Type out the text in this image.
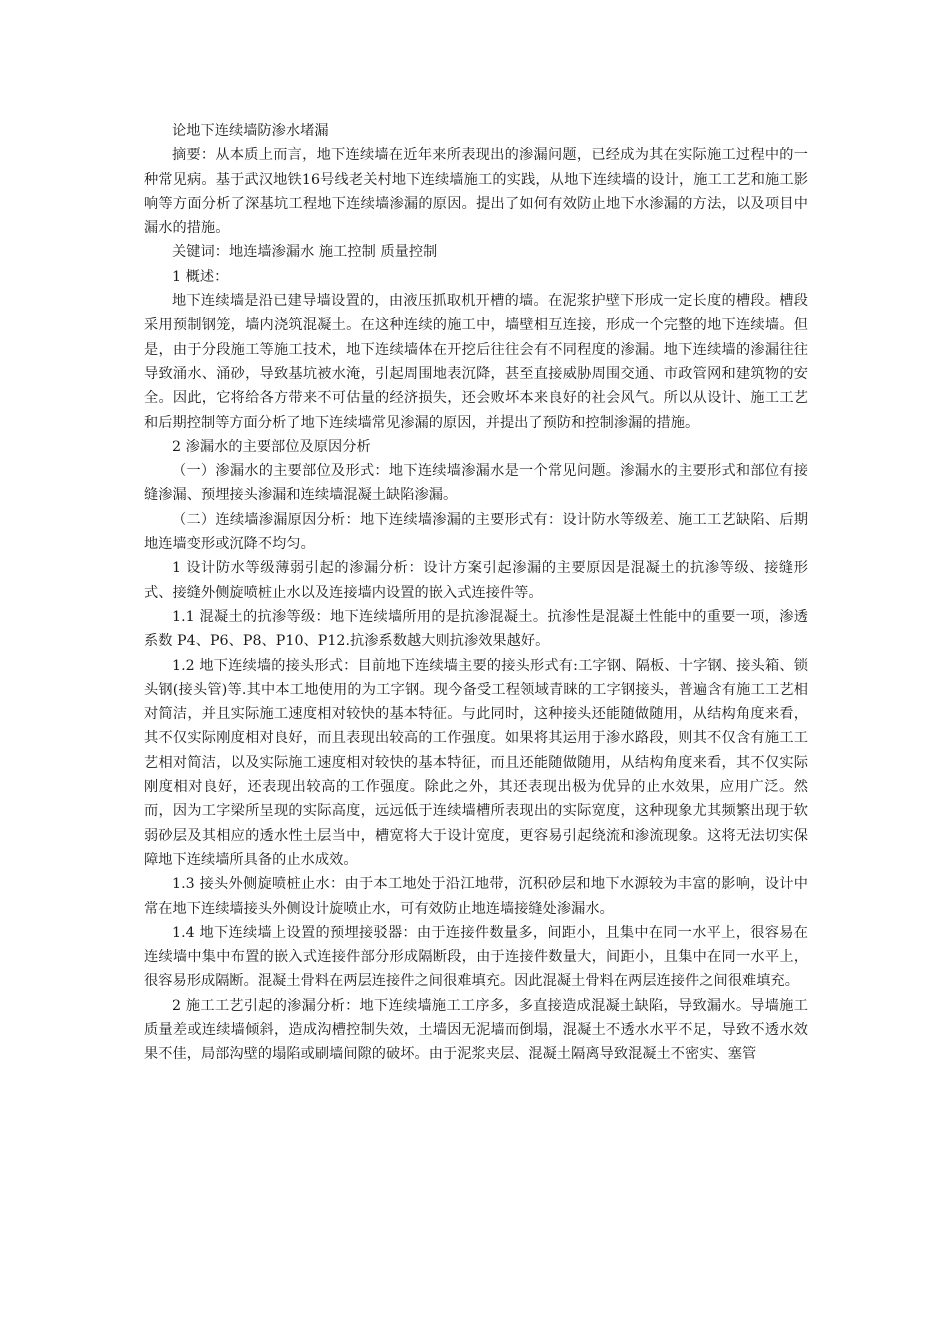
论地下连续墙防渗水堵漏

摘要：从本质上而言，地下连续墙在近年来所表现出的渗漏问题，已经成为其在实际施工过程中的一种常见病。基于武汉地铁16号线老关村地下连续墙施工的实践，从地下连续墙的设计，施工工艺和施工影响等方面分析了深基坑工程地下连续墙渗漏的原因。提出了如何有效防止地下水渗漏的方法，以及项目中漏水的措施。

关键词：地连墙渗漏水 施工控制 质量控制

1 概述：

地下连续墙是沿已建导墙设置的，由液压抓取机开槽的墙。在泥浆护壁下形成一定长度的槽段。槽段采用预制钢笼，墙内浇筑混凝土。在这种连续的施工中，墙壁相互连接，形成一个完整的地下连续墙。但是，由于分段施工等施工技术，地下连续墙体在开挖后往往会有不同程度的渗漏。地下连续墙的渗漏往往导致涌水、涌砂，导致基坑被水淹，引起周围地表沉降，甚至直接威胁周围交通、市政管网和建筑物的安全。因此，它将给各方带来不可估量的经济损失，还会败坏本来良好的社会风气。所以从设计、施工工艺和后期控制等方面分析了地下连续墙常见渗漏的原因，并提出了预防和控制渗漏的措施。

2 渗漏水的主要部位及原因分析

（一）渗漏水的主要部位及形式：地下连续墙渗漏水是一个常见问题。渗漏水的主要形式和部位有接缝渗漏、预埋接头渗漏和连续墙混凝土缺陷渗漏。

（二）连续墙渗漏原因分析：地下连续墙渗漏的主要形式有：设计防水等级差、施工工艺缺陷、后期地连墙变形或沉降不均匀。

1 设计防水等级薄弱引起的渗漏分析：设计方案引起渗漏的主要原因是混凝土的抗渗等级、接缝形式、接缝外侧旋喷桩止水以及连接墙内设置的嵌入式连接件等。

1.1 混凝土的抗渗等级：地下连续墙所用的是抗渗混凝土。抗渗性是混凝土性能中的重要一项，渗透系数 P4、P6、P8、P10、P12.抗渗系数越大则抗渗效果越好。

1.2 地下连续墙的接头形式：目前地下连续墙主要的接头形式有:工字钢、隔板、十字钢、接头箱、锁头钢(接头管)等.其中本工地使用的为工字钢。现今备受工程领域青睐的工字钢接头，普遍含有施工工艺相对简洁，并且实际施工速度相对较快的基本特征。与此同时，这种接头还能随做随用，从结构角度来看，其不仅实际刚度相对良好，而且表现出较高的工作强度。如果将其运用于渗水路段，则其不仅含有施工工艺相对简洁，以及实际施工速度相对较快的基本特征，而且还能随做随用，从结构角度来看，其不仅实际刚度相对良好，还表现出较高的工作强度。除此之外，其还表现出极为优异的止水效果，应用广泛。然而，因为工字梁所呈现的实际高度，远远低于连续墙槽所表现出的实际宽度，这种现象尤其频繁出现于软弱砂层及其相应的透水性土层当中，槽宽将大于设计宽度，更容易引起绕流和渗流现象。这将无法切实保障地下连续墙所具备的止水成效。

1.3 接头外侧旋喷桩止水：由于本工地处于沿江地带，沉积砂层和地下水源较为丰富的影响，设计中常在地下连续墙接头外侧设计旋喷止水，可有效防止地连墙接缝处渗漏水。

1.4 地下连续墙上设置的预埋接驳器：由于连接件数量多，间距小，且集中在同一水平上，很容易在连续墙中集中布置的嵌入式连接件部分形成隔断段，由于连接件数量大，间距小，且集中在同一水平上，很容易形成隔断。混凝土骨料在两层连接件之间很难填充。因此混凝土骨料在两层连接件之间很难填充。

2 施工工艺引起的渗漏分析：地下连续墙施工工序多，多直接造成混凝土缺陷，导致漏水。导墙施工质量差或连续墙倾斜，造成沟槽控制失效，土墙因无泥墙而倒塌，混凝土不透水水平不足，导致不透水效果不佳，局部沟壁的塌陷或刷墙间隙的破坏。由于泥浆夹层、混凝土隔离导致混凝土不密实、塞管
